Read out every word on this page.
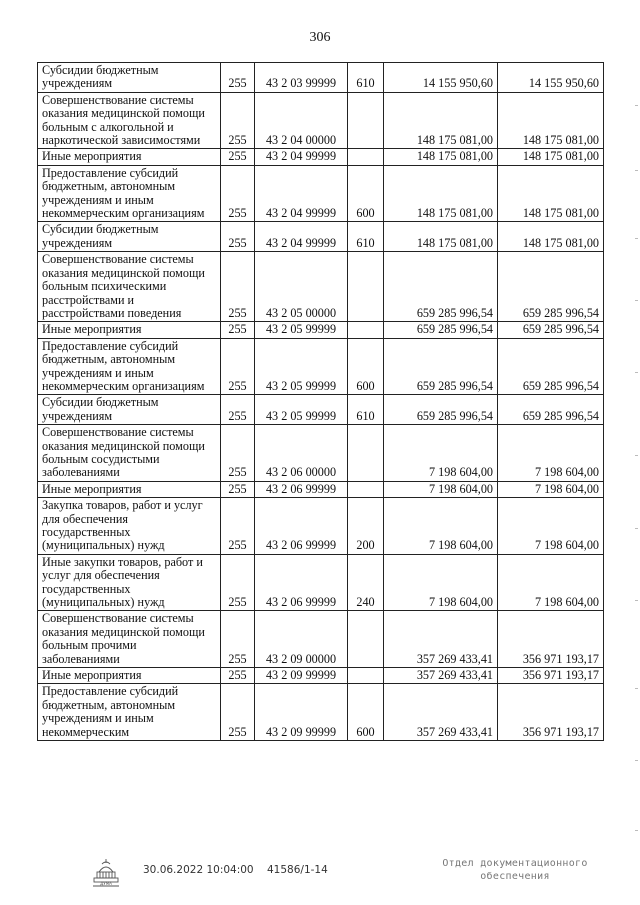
306
Субсидии бюджетным учреждениям	255	43 2 03 99999	610	14 155 950,60	14 155 950,60
Совершенствование системы оказания медицинской помощи больным с алкогольной и наркотической зависимостями	255	43 2 04 00000		148 175 081,00	148 175 081,00
Иные мероприятия	255	43 2 04 99999		148 175 081,00	148 175 081,00
Предоставление субсидий бюджетным, автономным учреждениям и иным некоммерческим организациям	255	43 2 04 99999	600	148 175 081,00	148 175 081,00
Субсидии бюджетным учреждениям	255	43 2 04 99999	610	148 175 081,00	148 175 081,00
Совершенствование системы оказания медицинской помощи больным психическими расстройствами и расстройствами поведения	255	43 2 05 00000		659 285 996,54	659 285 996,54
Иные мероприятия	255	43 2 05 99999		659 285 996,54	659 285 996,54
Предоставление субсидий бюджетным, автономным учреждениям и иным некоммерческим организациям	255	43 2 05 99999	600	659 285 996,54	659 285 996,54
Субсидии бюджетным учреждениям	255	43 2 05 99999	610	659 285 996,54	659 285 996,54
Совершенствование системы оказания медицинской помощи больным сосудистыми заболеваниями	255	43 2 06 00000		7 198 604,00	7 198 604,00
Иные мероприятия	255	43 2 06 99999		7 198 604,00	7 198 604,00
Закупка товаров, работ и услуг для обеспечения государственных (муниципальных) нужд	255	43 2 06 99999	200	7 198 604,00	7 198 604,00
Иные закупки товаров, работ и услуг для обеспечения государственных (муниципальных) нужд	255	43 2 06 99999	240	7 198 604,00	7 198 604,00
Совершенствование системы оказания медицинской помощи больным прочими заболеваниями	255	43 2 09 00000		357 269 433,41	356 971 193,17
Иные мероприятия	255	43 2 09 99999		357 269 433,41	356 971 193,17
Предоставление субсидий бюджетным, автономным учреждениям и иным некоммерческим	255	43 2 09 99999	600	357 269 433,41	356 971 193,17
ДУМА
30.06.2022 10:04:00 41586/1-14
Отдел документационного
обеспечения
